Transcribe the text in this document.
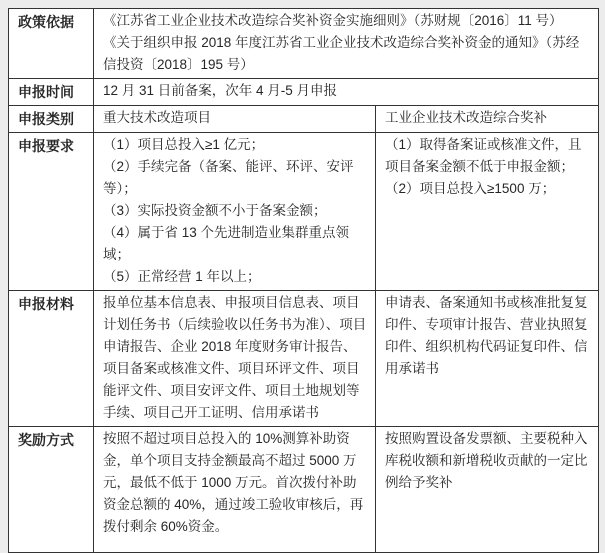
政策依据	《江苏省工业企业技术改造综合奖补资金实施细则》（苏财规〔2016〕11 号）
《关于组织申报 2018 年度江苏省工业企业技术改造综合奖补资金的通知》（苏经信投资〔2018〕195 号）	

申报时间	12 月 31 日前备案，次年 4 月-5 月申报	
申报类别	重大技术改造项目	工业企业技术改造综合奖补
申报要求	（1）项目总投入≥1 亿元；
（2）手续完备（备案、能评、环评、安评等）；
（3）实际投资金额不小于备案金额；
（4）属于省 13 个先进制造业集群重点领域；
（5）正常经营 1 年以上；	（1）取得备案证或核准文件，且项目备案金额不低于申报金额；
（2）项目总投入≥1500 万；

申报材料	报单位基本信息表、申报项目信息表、项目计划任务书（后续验收以任务书为准）、项目申请报告、企业 2018 年度财务审计报告、项目备案或核准文件、项目环评文件、项目能评文件、项目安评文件、项目土地规划等手续、项目己开工证明、信用承诺书	申请表、备案通知书或核准批复复印件、专项审计报告、营业执照复印件、组织机构代码证复印件、信用承诺书
奖励方式	按照不超过项目总投入的 10%测算补助资金，单个项目支持金额最高不超过 5000 万元，最低不低于 1000 万元。首次拨付补助资金总额的 40%，通过竣工验收审核后，再拨付剩余 60%资金。	按照购置设备发票额、主要税种入库税收额和新增税收贡献的一定比例给予奖补
